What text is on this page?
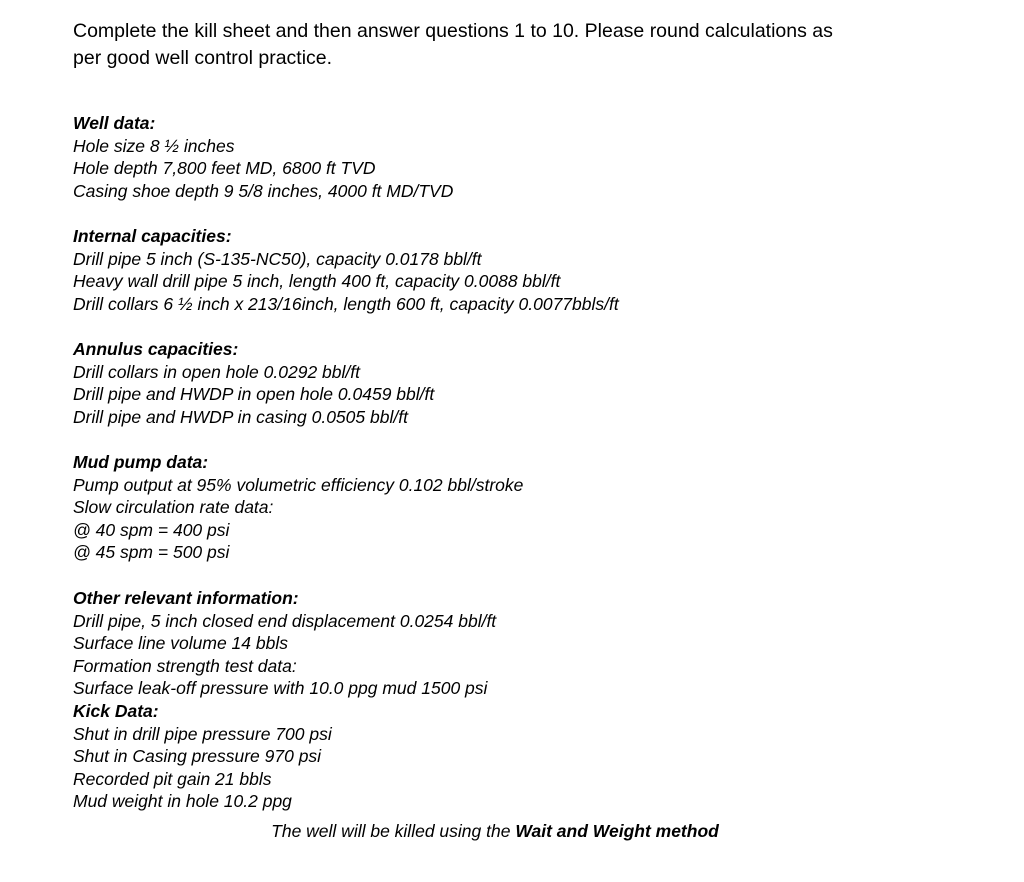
Complete the kill sheet and then answer questions 1 to 10. Please round calculations as
per good well control practice.

Well data:
Hole size 8 ½ inches
Hole depth 7,800 feet MD, 6800 ft TVD
Casing shoe depth 9 5/8 inches, 4000 ft MD/TVD
Internal capacities:
Drill pipe 5 inch (S-135-NC50), capacity 0.0178 bbl/ft
Heavy wall drill pipe 5 inch, length 400 ft, capacity 0.0088 bbl/ft
Drill collars 6 ½ inch x 213/16inch, length 600 ft, capacity 0.0077bbls/ft
Annulus capacities:
Drill collars in open hole 0.0292 bbl/ft
Drill pipe and HWDP in open hole 0.0459 bbl/ft
Drill pipe and HWDP in casing 0.0505 bbl/ft
Mud pump data:
Pump output at 95% volumetric efficiency 0.102 bbl/stroke
Slow circulation rate data:
@ 40 spm = 400 psi
@ 45 spm = 500 psi
Other relevant information:
Drill pipe, 5 inch closed end displacement 0.0254 bbl/ft
Surface line volume 14 bbls
Formation strength test data:
Surface leak-off pressure with 10.0 ppg mud 1500 psi
Kick Data:
Shut in drill pipe pressure 700 psi
Shut in Casing pressure 970 psi
Recorded pit gain 21 bbls
Mud weight in hole 10.2 ppg
The well will be killed using the Wait and Weight method
